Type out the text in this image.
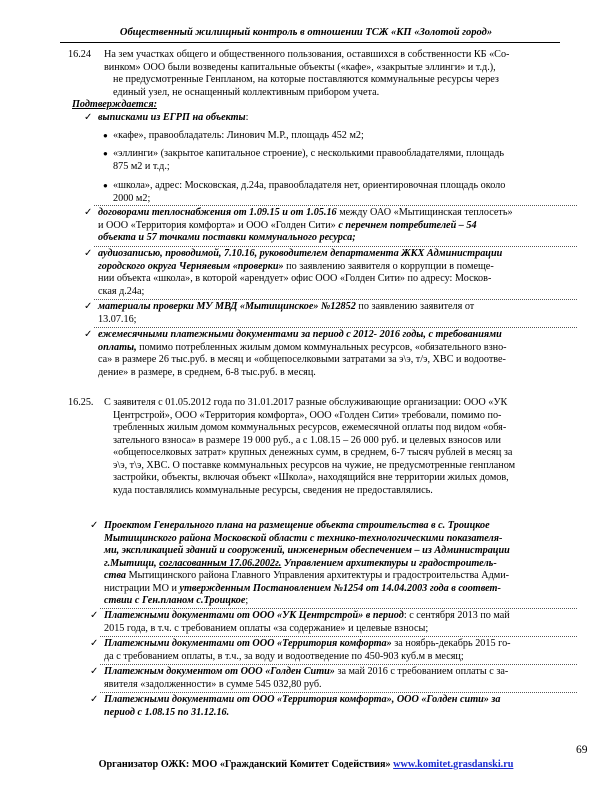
Общественный жилищный контроль в отношении ТСЖ «КП «Золотой город»
16.24 На зем участках общего и общественного пользования, оставшихся в собственности КБ «Со-
винком» ООО были возведены капитальные объекты («кафе», «закрытые эллинги» и т.д.),
не предусмотренные Генпланом, на которые поставляются коммунальные ресурсы через
единый узел, не оснащенный коллективным прибором учета.
Подтверждается:
✓ выписками из ЕГРП на объекты:
● «кафе», правообладатель: Линович М.Р., площадь 452 м2;
● «эллинги» (закрытое капитальное строение), с несколькими правообладателями, площадь
875 м2 и т.д.;
● «школа», адрес: Московская, д.24а, правообладателя нет, ориентировочная площадь около
2000 м2;
✓ договорами теплоснабжения от 1.09.15 и от 1.05.16 между ОАО «Мытищинская теплосеть»
и ООО «Территория комфорта» и ООО «Голден Сити» с перечнем потребителей – 54
объекта и 57 точками поставки коммунального ресурса;
✓ аудиозаписью, проводимой, 7.10.16, руководителем департамента ЖКХ Администрации
городского округа Черняевым «проверки» по заявлению заявителя о коррупции в помеще-
нии объекта «школа», в которой «арендует» офис ООО «Голден Сити» по адресу: Москов-
ская д.24а;
✓ материалы проверки МУ МВД «Мытищинское» №12852 по заявлению заявителя от
13.07.16;
✓ ежемесячными платежными документами за период с 2012- 2016 годы, с требованиями
оплаты, помимо потребленных жилым домом коммунальных ресурсов, «обязательного взно-
са» в размере 26 тыс.руб. в месяц и «общепоселковыми затратами за э\э, т/э, ХВС и водоотве-
дение» в размере, в среднем, 6-8 тыс.руб. в месяц.
16.25. С заявителя с 01.05.2012 года по 31.01.2017 разные обслуживающие организации: ООО «УК
Центрстрой», ООО «Территория комфорта», ООО «Голден Сити» требовали, помимо по-
требленных жилым домом коммунальных ресурсов, ежемесячной оплаты под видом «обя-
зательного взноса» в размере 19 000 руб., а с 1.08.15 – 26 000 руб. и целевых взносов или
«общепоселковых затрат» крупных денежных сумм, в среднем, 6-7 тысяч рублей в месяц за
э\э, т\э, ХВС. О поставке коммунальных ресурсов на чужие, не предусмотренные генпланом
застройки, объекты, включая объект «Школа», находящийся вне территории жилых домов,
куда поставлялись коммунальные ресурсы, сведения не предоставлялись.
✓ Проектом Генерального плана на размещение объекта строительства в с. Троицкое
Мытищинского района Московской области с технико-технологическими показателя-
ми, экспликацией зданий и сооружений, инженерным обеспечением – из Администрации
г.Мытищи, согласованным 17.06.2002г. Управлением архитектуры и градостроитель-
ства Мытищинского района Главного Управления архитектуры и градостроительства Адми-
нистрации МО и утвержденным Постановлением №1254 от 14.04.2003 года в соответ-
ствии с Ген.планом с.Троицкое;
✓ Платежными документами от ООО «УК Центрстрой» в период: с сентября 2013 по май
2015 года, в т.ч. с требованием оплаты «за содержание» и целевые взносы;
✓ Платежными документами от ООО «Территория комфорта» за ноябрь-декабрь 2015 го-
да с требованием оплаты, в т.ч., за воду и водоотведение по 450-903 куб.м в месяц;
✓ Платежным документом от ООО «Голден Сити» за май 2016 с требованием оплаты с за-
явителя «задолженности» в сумме 545 032,80 руб.
✓ Платежными документами от ООО «Территория комфорта», ООО «Голден сити» за
период с 1.08.15 по 31.12.16.
69
Организатор ОЖК: МОО «Гражданский Комитет Содействия» www.komitet.grasdanski.ru
